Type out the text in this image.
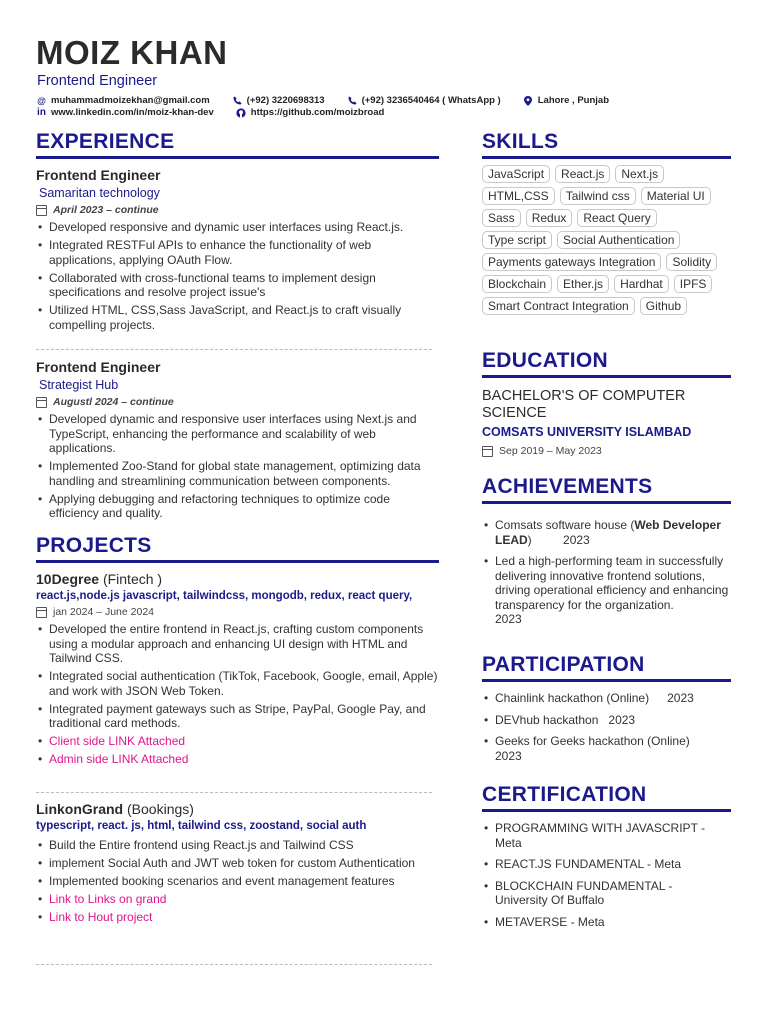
MOIZ KHAN
Frontend Engineer
@ muhammadmoizekhan@gmail.com	(+92) 3220698313	(+92) 3236540464 ( WhatsApp )	Lahore , Punjab
in www.linkedin.com/in/moiz-khan-dev	https://github.com/moizbroad
EXPERIENCE
Frontend Engineer
Samaritan technology
April 2023 – continue
• Developed responsive and dynamic user interfaces using React.js.
• Integrated RESTFul APIs to enhance the functionality of web applications, applying OAuth Flow.
• Collaborated with cross-functional teams to implement design specifications and resolve project issue's
• Utilized HTML, CSS,Sass JavaScript, and React.js to craft visually compelling projects.
Frontend Engineer
Strategist Hub
Augustl 2024 – continue
• Developed dynamic and responsive user interfaces using Next.js and TypeScript, enhancing the performance and scalability of web applications.
• Implemented Zoo-Stand for global state management, optimizing data handling and streamlining communication between components.
• Applying debugging and refactoring techniques to optimize code efficiency and quality.
PROJECTS
10Degree (Fintech )
react.js,node.js javascript, tailwindcss, mongodb, redux, react query,
jan 2024 – June 2024
• Developed the entire frontend in React.js, crafting custom components using a modular approach and enhancing UI design with HTML and Tailwind CSS.
• Integrated social authentication (TikTok, Facebook, Google, email, Apple) and work with JSON Web Token.
• Integrated payment gateways such as Stripe, PayPal, Google Pay, and traditional card methods.
• Client side LINK Attached
• Admin side LINK Attached
LinkonGrand (Bookings)
typescript, react. js, html, tailwind css, zoostand, social auth
• Build the Entire frontend using React.js and Tailwind CSS
• implement Social Auth and JWT web token for custom Authentication
• Implemented booking scenarios and event management features
• Link to Links on grand
• Link to Hout project
SKILLS
JavaScript	React.js	Next.js
HTML,CSS	Tailwind css	Material UI
Sass	Redux	React Query
Type script	Social Authentication
Payments gateways Integration	Solidity
Blockchain	Ether.js	Hardhat	IPFS
Smart Contract Integration	Github
EDUCATION
BACHELOR'S OF COMPUTER SCIENCE
COMSATS UNIVERSITY ISLAMBAD
Sep 2019 – May 2023
ACHIEVEMENTS
• Comsats software house (Web Developer LEAD)	2023
• Led a high-performing team in successfully delivering innovative frontend solutions, driving operational efficiency and enhancing transparency for the organization.
2023
PARTICIPATION
• Chainlink hackathon (Online) 2023
• DEVhub hackathon 2023
• Geeks for Geeks hackathon (Online)
2023
CERTIFICATION
• PROGRAMMING WITH JAVASCRIPT - Meta
• REACT.JS FUNDAMENTAL - Meta
• BLOCKCHAIN FUNDAMENTAL - University Of Buffalo
• METAVERSE - Meta
